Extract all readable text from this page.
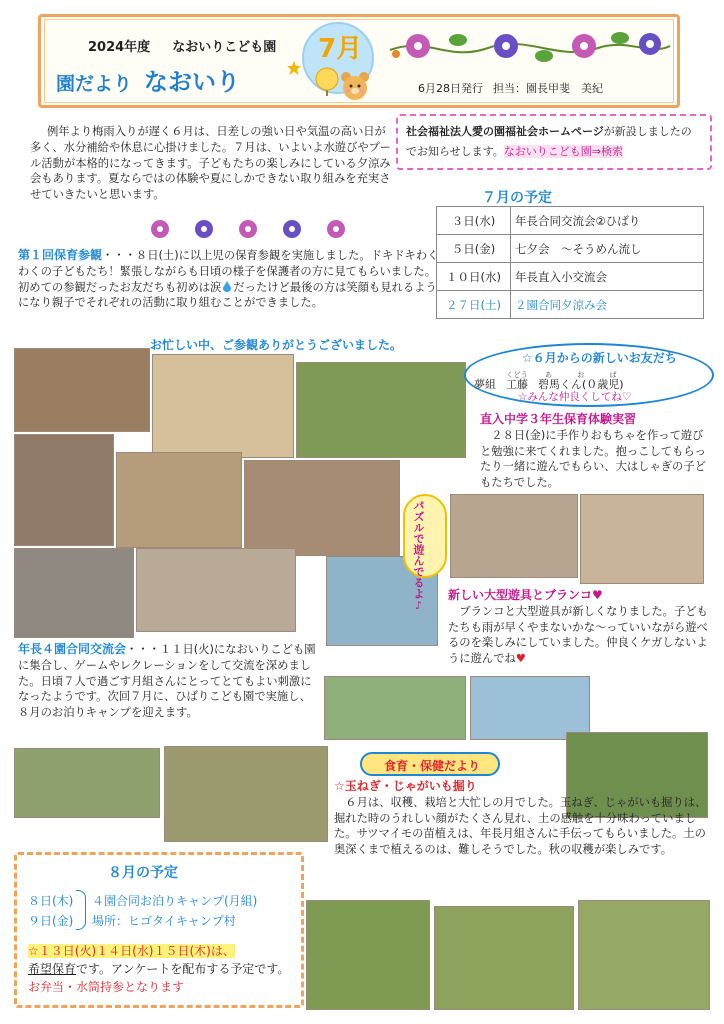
2024年度 なおいりこども園
園だより なおいり
7月
6月28日発行 担当：園長甲斐　美紀

例年より梅雨入りが遅く６月は、日差しの強い日や気温の高い日が多く、水分補給や休息に心掛けました。７月は、いよいよ水遊びやプール活動が本格的になってきます。子どもたちの楽しみにしている夕涼み会もあります。夏ならではの体験や夏にしかできない取り組みを充実させていきたいと思います。

社会福祉法人愛の園福祉会ホームページが新設しましたのでお知らせします。なおいりこども園⇒検索
７月の予定
３日(水)	年長合同交流会②ひばり
５日(金)	七夕会　～そうめん流し
１０日(水)	年長直入小交流会
２７日(土)	２園合同夕涼み会
第１回保育参観・・・８日(土)に以上児の保育参観を実施しました。ドキドキわくわくの子どもたち！緊張しながらも日頃の様子を保護者の方に見てもらいました。初めての参観だったお友だちも初めは涙 だったけど最後の方は笑顔も見れるようになり親子でそれぞれの活動に取り組むことができました。
お忙しい中、ご参観ありがとうございました。
パズルで遊んでるよ♪
☆６月からの新しいお友だち
夢組 工藤くどう碧馬くん(０歳児)あおば
☆みんな仲良くしてね♡
直入中学３年生保育体験実習
２８日(金)に手作りおもちゃを作って遊びと勉強に来てくれました。抱っこしてもらったり一緒に遊んでもらい、大はしゃぎの子どもたちでした。
新しい大型遊具とブランコ♥
ブランコと大型遊具が新しくなりました。子どもたちも雨が早くやまないかな～っていいながら遊べるのを楽しみにしていました。仲良くケガしないように遊んでね♥
年長４園合同交流会・・・１１日(火)になおいりこども園に集合し、ゲームやレクレーションをして交流を深めました。日頃７人で過ごす月組さんにとってとてもよい刺激になったようです。次回７月に、ひばりこども園で実施し、８月のお泊りキャンプを迎えます。
食育・保健だより
☆玉ねぎ・じゃがいも掘り
６月は、収穫、栽培と大忙しの月でした。玉ねぎ、じゃがいも掘りは、掘れた時のうれしい顔がたくさん見れ、土の感触を十分味わっていました。サツマイモの苗植えは、年長月組さんに手伝ってもらいました。土の奥深くまで植えるのは、難しそうでした。秋の収穫が楽しみです。
８月の予定
８日(木)
９日(金)
４園合同お泊りキャンプ(月組)
場所：ヒゴタイキャンプ村
☆１３日(火)１４日(水)１５日(木)は、
希望保育です。アンケートを配布する予定です。お弁当・水筒持参となります
